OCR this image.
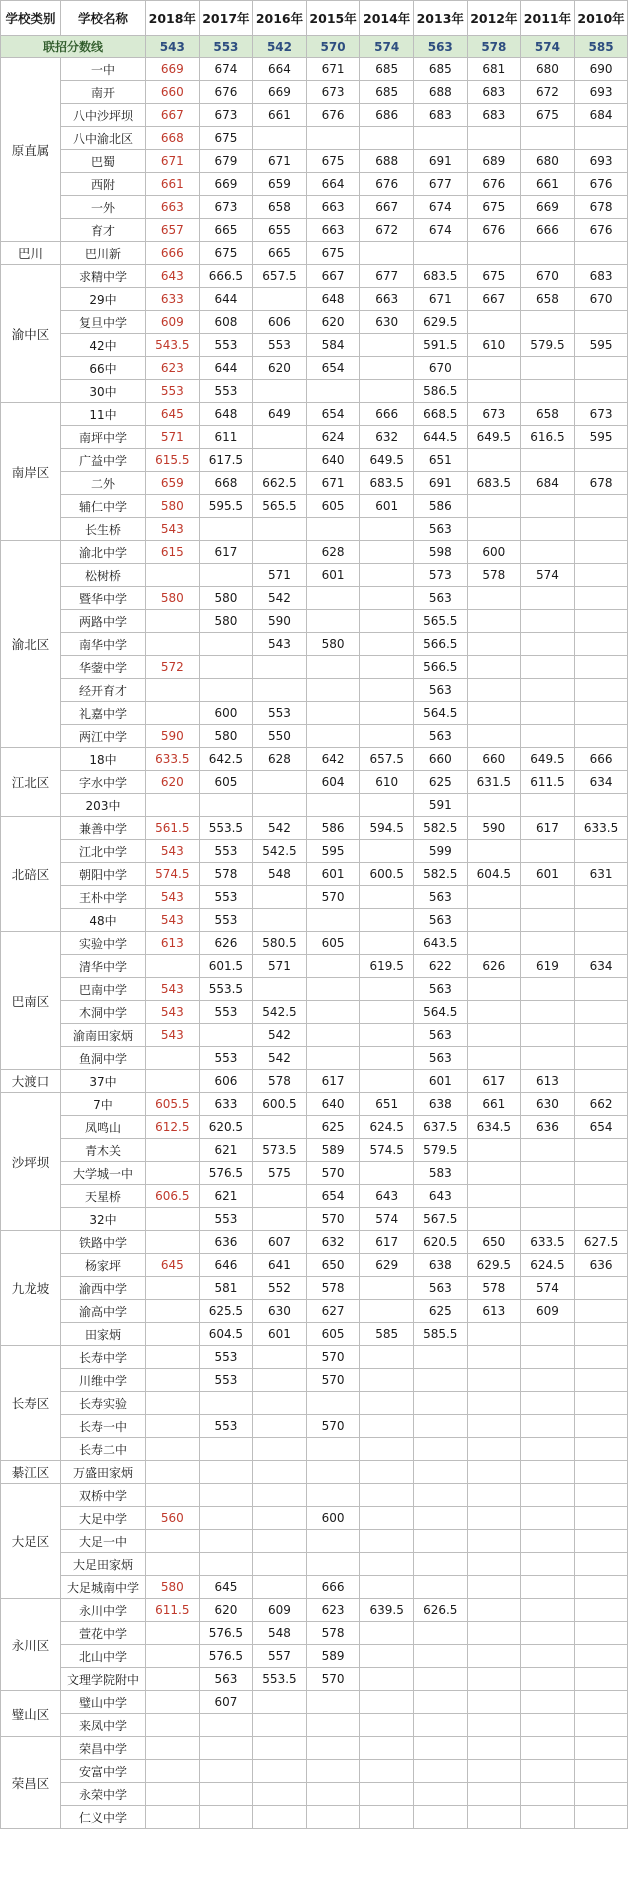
学校类别	学校名称	2018年	2017年	2016年	2015年	2014年	2013年	2012年	2011年	2010年
联招分数线		543	553	542	570	574	563	578	574	585
原直属	一中	669	674	664	671	685	685	681	680	690
	南开	660	676	669	673	685	688	683	672	693
	八中沙坪坝	667	673	661	676	686	683	683	675	684
	八中渝北区	668	675							
	巴蜀	671	679	671	675	688	691	689	680	693
	西附	661	669	659	664	676	677	676	661	676
	一外	663	673	658	663	667	674	675	669	678
	育才	657	665	655	663	672	674	676	666	676
巴川	巴川新	666	675	665	675					
渝中区	求精中学	643	666.5	657.5	667	677	683.5	675	670	683
	29中	633	644		648	663	671	667	658	670
	复旦中学	609	608	606	620	630	629.5			
	42中	543.5	553	553	584		591.5	610	579.5	595
	66中	623	644	620	654		670			
	30中	553	553				586.5			
南岸区	11中	645	648	649	654	666	668.5	673	658	673
	南坪中学	571	611		624	632	644.5	649.5	616.5	595
	广益中学	615.5	617.5		640	649.5	651			
	二外	659	668	662.5	671	683.5	691	683.5	684	678
	辅仁中学	580	595.5	565.5	605	601	586			
	长生桥	543					563			
渝北区	渝北中学	615	617		628		598	600		
	松树桥			571	601		573	578	574	
	暨华中学	580	580	542			563			
	两路中学		580	590			565.5			
	南华中学			543	580		566.5			
	华蓥中学	572					566.5			
	经开育才						563			
	礼嘉中学		600	553			564.5			
	两江中学	590	580	550			563			
江北区	18中	633.5	642.5	628	642	657.5	660	660	649.5	666
	字水中学	620	605		604	610	625	631.5	611.5	634
	203中						591			
北碚区	兼善中学	561.5	553.5	542	586	594.5	582.5	590	617	633.5
	江北中学	543	553	542.5	595		599			
	朝阳中学	574.5	578	548	601	600.5	582.5	604.5	601	631
	王朴中学	543	553		570		563			
	48中	543	553				563			
巴南区	实验中学	613	626	580.5	605		643.5			
	清华中学		601.5	571		619.5	622	626	619	634
	巴南中学	543	553.5				563			
	木洞中学	543	553	542.5			564.5			
	渝南田家炳	543		542			563			
	鱼洞中学		553	542			563			
大渡口	37中		606	578	617		601	617	613	
沙坪坝	7中	605.5	633	600.5	640	651	638	661	630	662
	凤鸣山	612.5	620.5		625	624.5	637.5	634.5	636	654
	青木关		621	573.5	589	574.5	579.5			
	大学城一中		576.5	575	570		583			
	天星桥	606.5	621		654	643	643			
	32中		553		570	574	567.5			
九龙坡	铁路中学		636	607	632	617	620.5	650	633.5	627.5
	杨家坪	645	646	641	650	629	638	629.5	624.5	636
	渝西中学		581	552	578		563	578	574	
	渝高中学		625.5	630	627		625	613	609	
	田家炳		604.5	601	605	585	585.5			
长寿区	长寿中学		553		570					
	川维中学		553		570					
	长寿实验									
	长寿一中		553		570					
	长寿二中									
綦江区	万盛田家炳									
大足区	双桥中学									
	大足中学	560			600					
	大足一中									
	大足田家炳									
	大足城南中学	580	645		666					
永川区	永川中学	611.5	620	609	623	639.5	626.5			
	萱花中学		576.5	548	578					
	北山中学		576.5	557	589					
	文理学院附中		563	553.5	570					
璧山区	璧山中学		607							
	来凤中学									
荣昌区	荣昌中学									
	安富中学									
	永荣中学									
	仁义中学									
